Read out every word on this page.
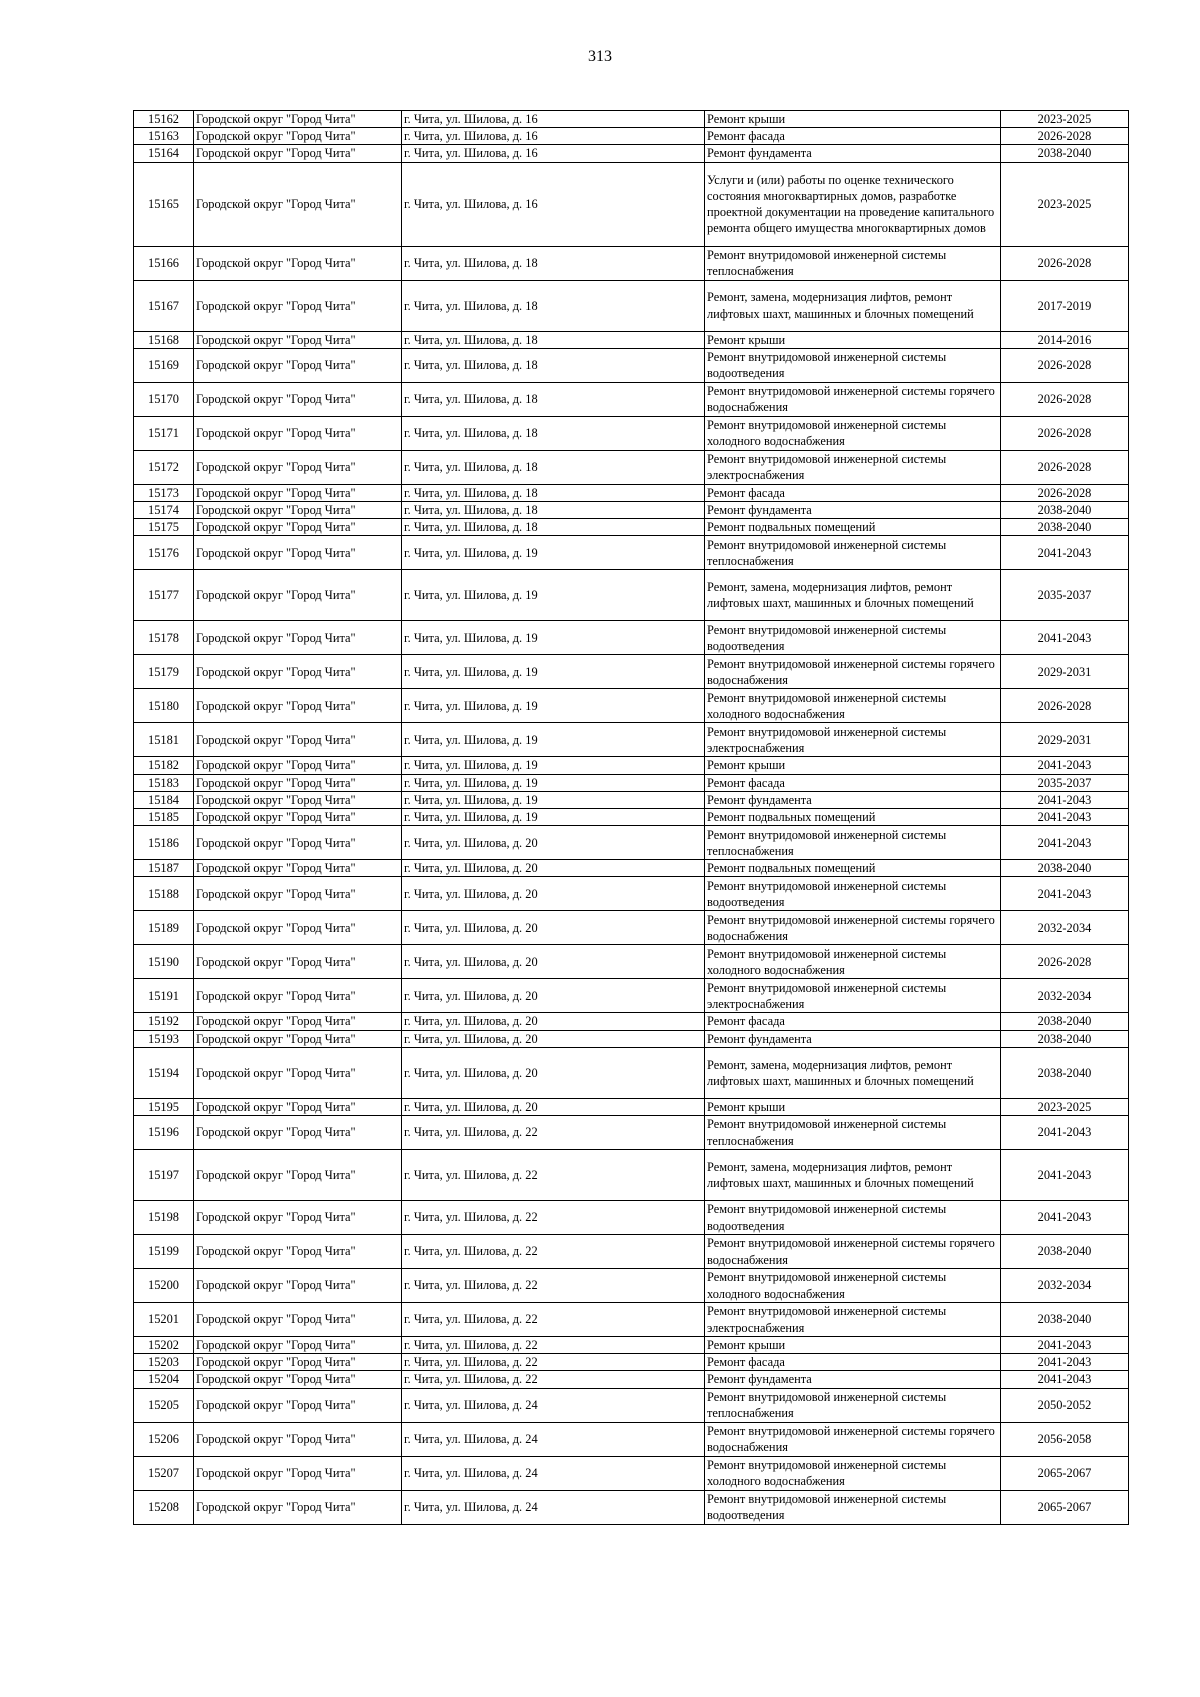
313
15162	Городской округ "Город Чита"	г. Чита, ул. Шилова, д. 16	Ремонт крыши	2023-2025
15163	Городской округ "Город Чита"	г. Чита, ул. Шилова, д. 16	Ремонт фасада	2026-2028
15164	Городской округ "Город Чита"	г. Чита, ул. Шилова, д. 16	Ремонт фундамента	2038-2040
15165	Городской округ "Город Чита"	г. Чита, ул. Шилова, д. 16	Услуги и (или) работы по оценке технического состояния многоквартирных домов, разработке проектной документации на проведение капитального ремонта общего имущества многоквартирных домов	2023-2025
15166	Городской округ "Город Чита"	г. Чита, ул. Шилова, д. 18	Ремонт внутридомовой инженерной системы теплоснабжения	2026-2028
15167	Городской округ "Город Чита"	г. Чита, ул. Шилова, д. 18	Ремонт, замена, модернизация лифтов, ремонт лифтовых шахт, машинных и блочных помещений	2017-2019
15168	Городской округ "Город Чита"	г. Чита, ул. Шилова, д. 18	Ремонт крыши	2014-2016
15169	Городской округ "Город Чита"	г. Чита, ул. Шилова, д. 18	Ремонт внутридомовой инженерной системы водоотведения	2026-2028
15170	Городской округ "Город Чита"	г. Чита, ул. Шилова, д. 18	Ремонт внутридомовой инженерной системы горячего водоснабжения	2026-2028
15171	Городской округ "Город Чита"	г. Чита, ул. Шилова, д. 18	Ремонт внутридомовой инженерной системы холодного водоснабжения	2026-2028
15172	Городской округ "Город Чита"	г. Чита, ул. Шилова, д. 18	Ремонт внутридомовой инженерной системы электроснабжения	2026-2028
15173	Городской округ "Город Чита"	г. Чита, ул. Шилова, д. 18	Ремонт фасада	2026-2028
15174	Городской округ "Город Чита"	г. Чита, ул. Шилова, д. 18	Ремонт фундамента	2038-2040
15175	Городской округ "Город Чита"	г. Чита, ул. Шилова, д. 18	Ремонт подвальных помещений	2038-2040
15176	Городской округ "Город Чита"	г. Чита, ул. Шилова, д. 19	Ремонт внутридомовой инженерной системы теплоснабжения	2041-2043
15177	Городской округ "Город Чита"	г. Чита, ул. Шилова, д. 19	Ремонт, замена, модернизация лифтов, ремонт лифтовых шахт, машинных и блочных помещений	2035-2037
15178	Городской округ "Город Чита"	г. Чита, ул. Шилова, д. 19	Ремонт внутридомовой инженерной системы водоотведения	2041-2043
15179	Городской округ "Город Чита"	г. Чита, ул. Шилова, д. 19	Ремонт внутридомовой инженерной системы горячего водоснабжения	2029-2031
15180	Городской округ "Город Чита"	г. Чита, ул. Шилова, д. 19	Ремонт внутридомовой инженерной системы холодного водоснабжения	2026-2028
15181	Городской округ "Город Чита"	г. Чита, ул. Шилова, д. 19	Ремонт внутридомовой инженерной системы электроснабжения	2029-2031
15182	Городской округ "Город Чита"	г. Чита, ул. Шилова, д. 19	Ремонт крыши	2041-2043
15183	Городской округ "Город Чита"	г. Чита, ул. Шилова, д. 19	Ремонт фасада	2035-2037
15184	Городской округ "Город Чита"	г. Чита, ул. Шилова, д. 19	Ремонт фундамента	2041-2043
15185	Городской округ "Город Чита"	г. Чита, ул. Шилова, д. 19	Ремонт подвальных помещений	2041-2043
15186	Городской округ "Город Чита"	г. Чита, ул. Шилова, д. 20	Ремонт внутридомовой инженерной системы теплоснабжения	2041-2043
15187	Городской округ "Город Чита"	г. Чита, ул. Шилова, д. 20	Ремонт подвальных помещений	2038-2040
15188	Городской округ "Город Чита"	г. Чита, ул. Шилова, д. 20	Ремонт внутридомовой инженерной системы водоотведения	2041-2043
15189	Городской округ "Город Чита"	г. Чита, ул. Шилова, д. 20	Ремонт внутридомовой инженерной системы горячего водоснабжения	2032-2034
15190	Городской округ "Город Чита"	г. Чита, ул. Шилова, д. 20	Ремонт внутридомовой инженерной системы холодного водоснабжения	2026-2028
15191	Городской округ "Город Чита"	г. Чита, ул. Шилова, д. 20	Ремонт внутридомовой инженерной системы электроснабжения	2032-2034
15192	Городской округ "Город Чита"	г. Чита, ул. Шилова, д. 20	Ремонт фасада	2038-2040
15193	Городской округ "Город Чита"	г. Чита, ул. Шилова, д. 20	Ремонт фундамента	2038-2040
15194	Городской округ "Город Чита"	г. Чита, ул. Шилова, д. 20	Ремонт, замена, модернизация лифтов, ремонт лифтовых шахт, машинных и блочных помещений	2038-2040
15195	Городской округ "Город Чита"	г. Чита, ул. Шилова, д. 20	Ремонт крыши	2023-2025
15196	Городской округ "Город Чита"	г. Чита, ул. Шилова, д. 22	Ремонт внутридомовой инженерной системы теплоснабжения	2041-2043
15197	Городской округ "Город Чита"	г. Чита, ул. Шилова, д. 22	Ремонт, замена, модернизация лифтов, ремонт лифтовых шахт, машинных и блочных помещений	2041-2043
15198	Городской округ "Город Чита"	г. Чита, ул. Шилова, д. 22	Ремонт внутридомовой инженерной системы водоотведения	2041-2043
15199	Городской округ "Город Чита"	г. Чита, ул. Шилова, д. 22	Ремонт внутридомовой инженерной системы горячего водоснабжения	2038-2040
15200	Городской округ "Город Чита"	г. Чита, ул. Шилова, д. 22	Ремонт внутридомовой инженерной системы холодного водоснабжения	2032-2034
15201	Городской округ "Город Чита"	г. Чита, ул. Шилова, д. 22	Ремонт внутридомовой инженерной системы электроснабжения	2038-2040
15202	Городской округ "Город Чита"	г. Чита, ул. Шилова, д. 22	Ремонт крыши	2041-2043
15203	Городской округ "Город Чита"	г. Чита, ул. Шилова, д. 22	Ремонт фасада	2041-2043
15204	Городской округ "Город Чита"	г. Чита, ул. Шилова, д. 22	Ремонт фундамента	2041-2043
15205	Городской округ "Город Чита"	г. Чита, ул. Шилова, д. 24	Ремонт внутридомовой инженерной системы теплоснабжения	2050-2052
15206	Городской округ "Город Чита"	г. Чита, ул. Шилова, д. 24	Ремонт внутридомовой инженерной системы горячего водоснабжения	2056-2058
15207	Городской округ "Город Чита"	г. Чита, ул. Шилова, д. 24	Ремонт внутридомовой инженерной системы холодного водоснабжения	2065-2067
15208	Городской округ "Город Чита"	г. Чита, ул. Шилова, д. 24	Ремонт внутридомовой инженерной системы водоотведения	2065-2067
